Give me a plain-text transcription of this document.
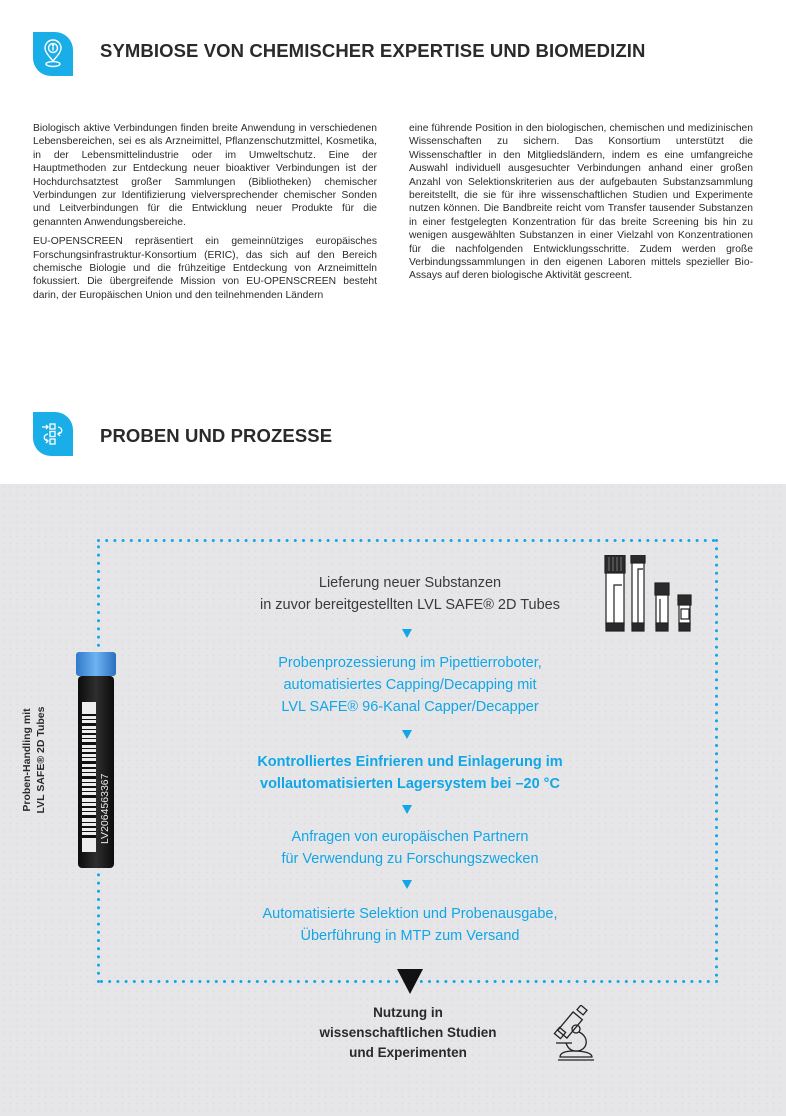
SYMBIOSE VON CHEMISCHER EXPERTISE UND BIOMEDIZIN

Biologisch aktive Verbindungen finden breite Anwendung in verschiedenen Lebensbereichen, sei es als Arzneimittel, Pflanzenschutzmittel, Kosmetika, in der Lebensmittelindustrie oder im Umweltschutz. Eine der Hauptmethoden zur Entdeckung neuer bioaktiver Verbindungen ist der Hochdurchsatztest großer Sammlungen (Bibliotheken) chemischer Verbindungen zur Identifizierung vielversprechender chemischer Sonden und Leitverbindungen für die Entwicklung neuer Produkte für die genannten Anwendungsbereiche.

EU-OPENSCREEN repräsentiert ein gemeinnütziges europäisches Forschungsinfrastruktur-Konsortium (ERIC), das sich auf den Bereich chemische Biologie und die frühzeitige Entdeckung von Arzneimitteln fokussiert. Die übergreifende Mission von EU-OPENSCREEN besteht darin, der Europäischen Union und den teilnehmenden Ländern

eine führende Position in den biologischen, chemischen und medizinischen Wissenschaften zu sichern. Das Konsortium unterstützt die Wissenschaftler in den Mitgliedsländern, indem es eine umfangreiche Auswahl individuell ausgesuchter Verbindungen anhand einer großen Anzahl von Selektionskriterien aus der aufgebauten Substanzsammlung bereitstellt, die sie für ihre wissenschaftlichen Studien und Experimente nutzen können. Die Bandbreite reicht vom Transfer tausender Substanzen in einer festgelegten Konzentration für das breite Screening bis hin zu wenigen ausgewählten Substanzen in einer Vielzahl von Konzentrationen für die nachfolgenden Entwicklungsschritte. Zudem werden große Verbindungssammlungen in den eigenen Laboren mittels spezieller Bio-Assays auf deren biologische Aktivität gescreent.

PROBEN UND PROZESSE
Proben-Handling mit LVL SAFE® 2D Tubes	LV2064563367
Lieferung neuer Substanzen
in zuvor bereitgestellten LVL SAFE® 2D Tubes
Probenprozessierung im Pipettierroboter,
automatisiertes Capping/Decapping mit
LVL SAFE® 96-Kanal Capper/Decapper
Kontrolliertes Einfrieren und Einlagerung im
vollautomatisierten Lagersystem bei –20 °C
Anfragen von europäischen Partnern
für Verwendung zu Forschungszwecken
Automatisierte Selektion und Probenausgabe,
Überführung in MTP zum Versand
Nutzung in
wissenschaftlichen Studien
und Experimenten
